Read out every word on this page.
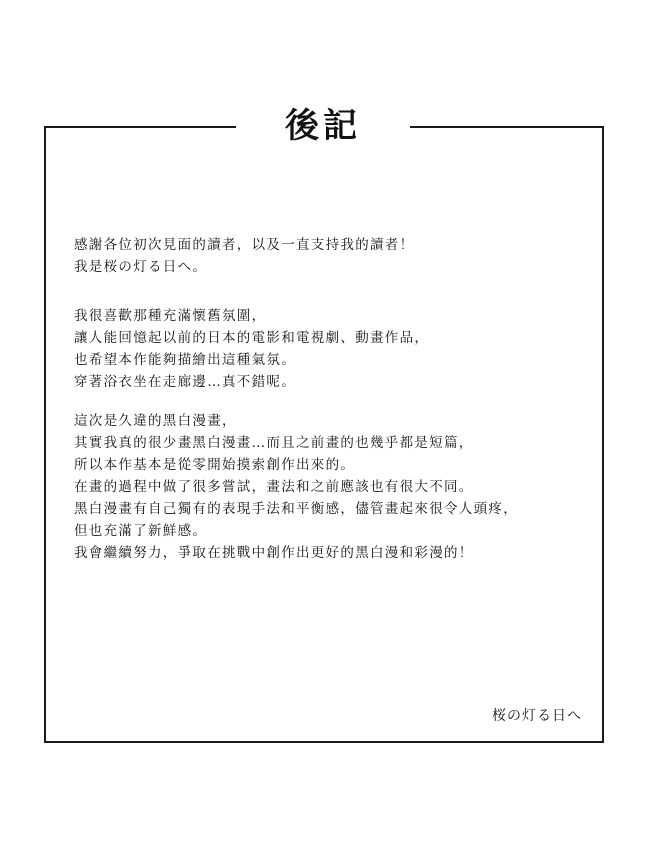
後記
感謝各位初次見面的讀者，以及一直支持我的讀者！
我是桜の灯る日へ。
我很喜歡那種充滿懷舊氛圍，
讓人能回憶起以前的日本的電影和電視劇、動畫作品，
也希望本作能夠描繪出這種氣氛。
穿著浴衣坐在走廊邊…真不錯呢。
這次是久違的黑白漫畫，
其實我真的很少畫黑白漫畫…而且之前畫的也幾乎都是短篇，
所以本作基本是從零開始摸索創作出來的。
在畫的過程中做了很多嘗試，畫法和之前應該也有很大不同。
黑白漫畫有自己獨有的表現手法和平衡感，儘管畫起來很令人頭疼，
但也充滿了新鮮感。
我會繼續努力，爭取在挑戰中創作出更好的黑白漫和彩漫的！
桜の灯る日へ
